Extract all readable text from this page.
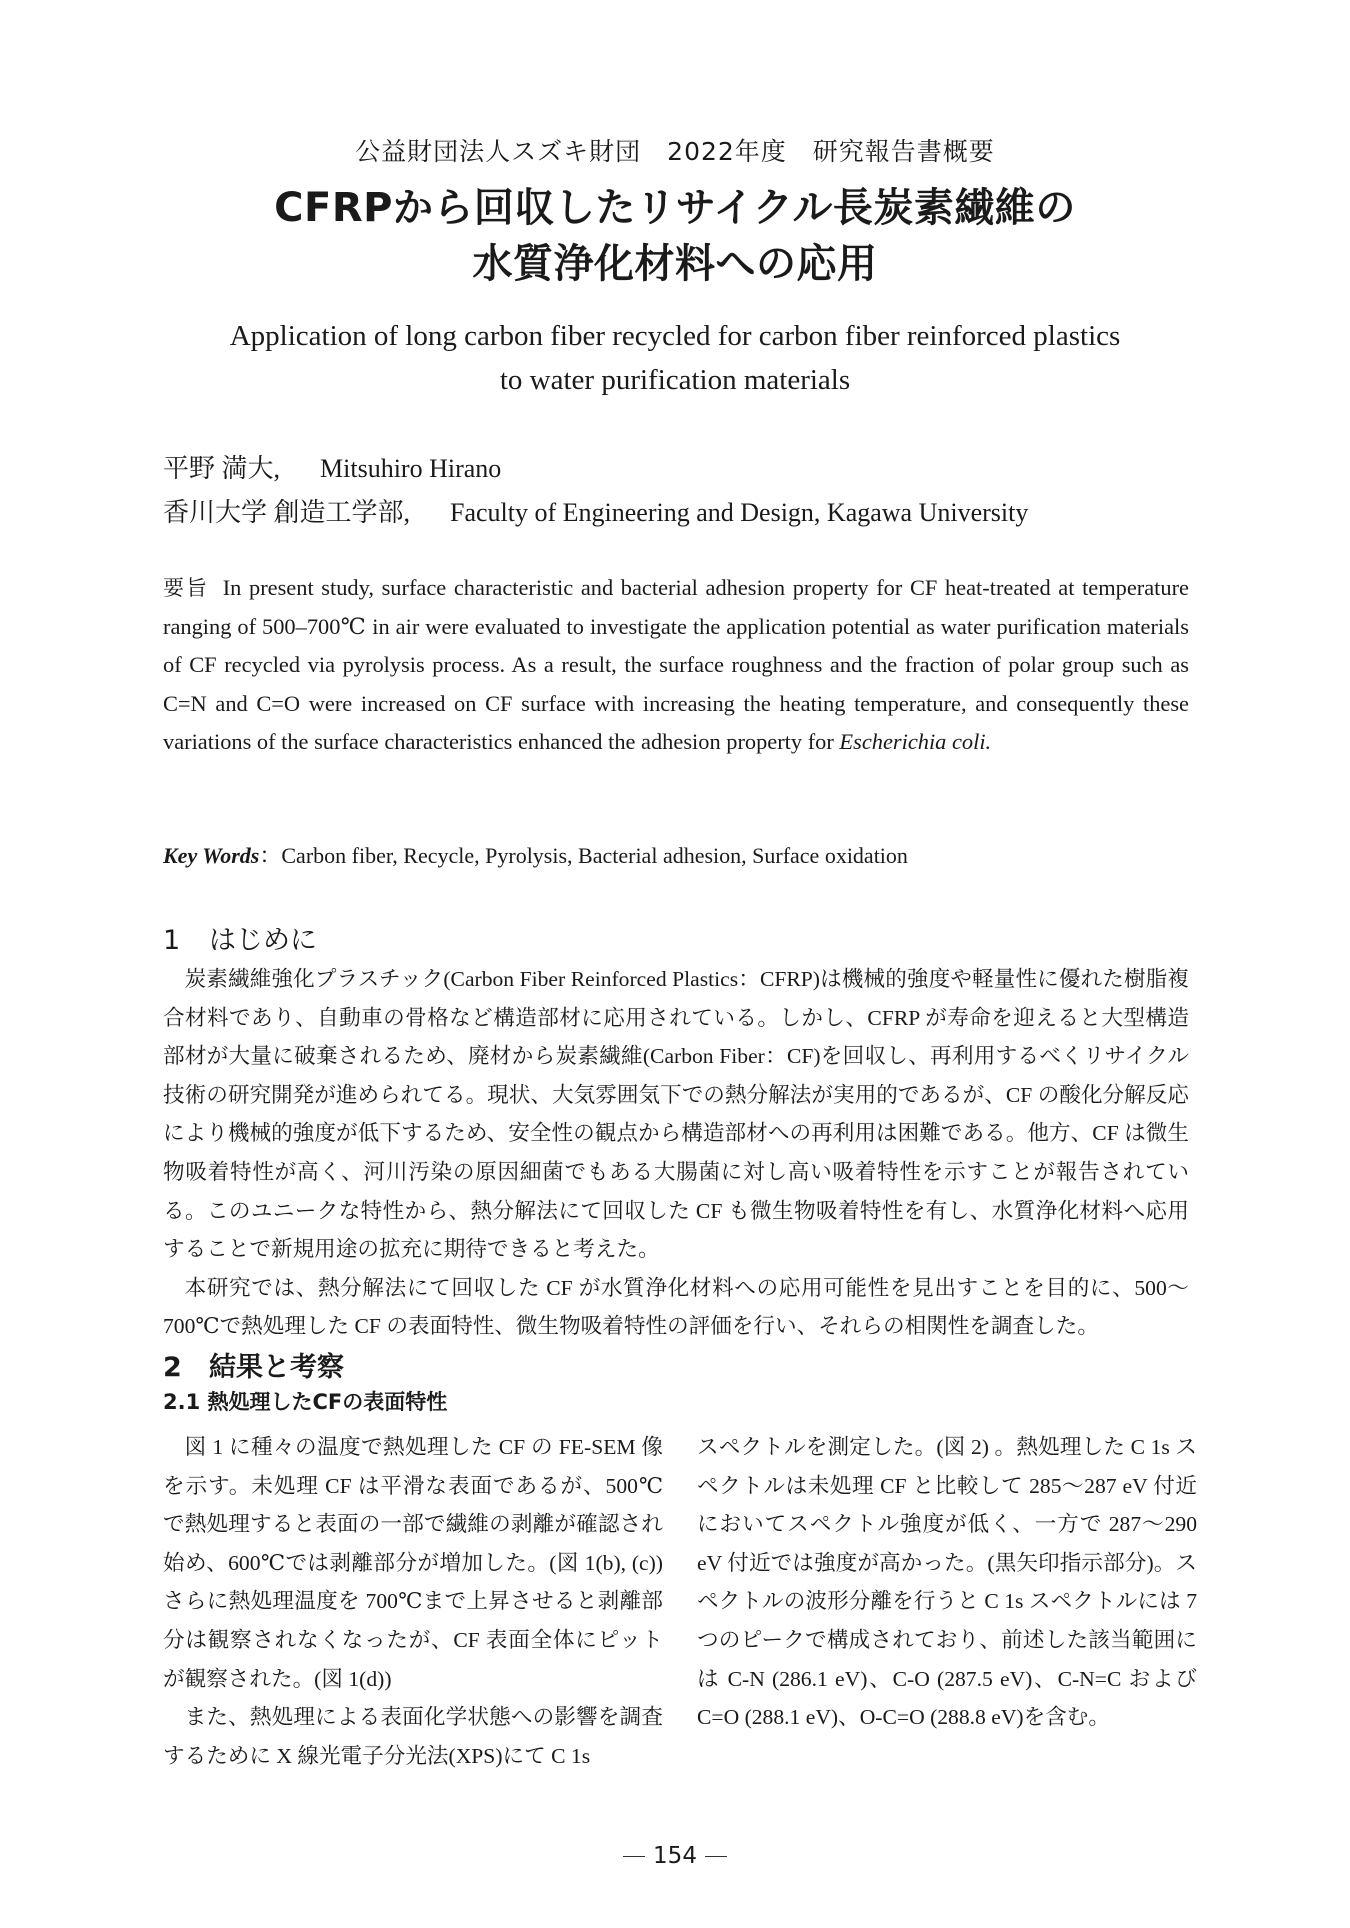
公益財団法人スズキ財団　2022年度　研究報告書概要
CFRPから回収したリサイクル長炭素繊維の
水質浄化材料への応用
Application of long carbon fiber recycled for carbon fiber reinforced plastics
to water purification materials
平野 満大, Mitsuhiro Hirano
香川大学 創造工学部, Faculty of Engineering and Design, Kagawa University
要旨 In present study, surface characteristic and bacterial adhesion property for CF heat-treated at temperature ranging of 500–700℃ in air were evaluated to investigate the application potential as water purification materials of CF recycled via pyrolysis process. As a result, the surface roughness and the fraction of polar group such as C=N and C=O were increased on CF surface with increasing the heating temperature, and consequently these variations of the surface characteristics enhanced the adhesion property for Escherichia coli.
Key Words：Carbon fiber, Recycle, Pyrolysis, Bacterial adhesion, Surface oxidation
1 はじめに

炭素繊維強化プラスチック(Carbon Fiber Reinforced Plastics：CFRP)は機械的強度や軽量性に優れた樹脂複合材料であり、自動車の骨格など構造部材に応用されている。しかし、CFRP が寿命を迎えると大型構造部材が大量に破棄されるため、廃材から炭素繊維(Carbon Fiber：CF)を回収し、再利用するべくリサイクル技術の研究開発が進められてる。現状、大気雰囲気下での熱分解法が実用的であるが、CF の酸化分解反応により機械的強度が低下するため、安全性の観点から構造部材への再利用は困難である。他方、CF は微生物吸着特性が高く、河川汚染の原因細菌でもある大腸菌に対し高い吸着特性を示すことが報告されている。このユニークな特性から、熱分解法にて回収した CF も微生物吸着特性を有し、水質浄化材料へ応用することで新規用途の拡充に期待できると考えた。

本研究では、熱分解法にて回収した CF が水質浄化材料への応用可能性を見出すことを目的に、500～700℃で熱処理した CF の表面特性、微生物吸着特性の評価を行い、それらの相関性を調査した。

2 結果と考察
2.1 熱処理したCFの表面特性

図 1 に種々の温度で熱処理した CF の FE-SEM 像を示す。未処理 CF は平滑な表面であるが、500℃で熱処理すると表面の一部で繊維の剥離が確認され始め、600℃では剥離部分が増加した。(図 1(b), (c)) さらに熱処理温度を 700℃まで上昇させると剥離部分は観察されなくなったが、CF 表面全体にピットが観察された。(図 1(d))

また、熱処理による表面化学状態への影響を調査するために X 線光電子分光法(XPS)にて C 1s

スペクトルを測定した。(図 2) 。熱処理した C 1s スペクトルは未処理 CF と比較して 285～287 eV 付近においてスペクトル強度が低く、一方で 287～290 eV 付近では強度が高かった。(黒矢印指示部分)。スペクトルの波形分離を行うと C 1s スペクトルには 7 つのピークで構成されており、前述した該当範囲には C-N (286.1 eV)、C-O (287.5 eV)、C-N=C および C=O (288.1 eV)、O-C=O (288.8 eV)を含む。

154
